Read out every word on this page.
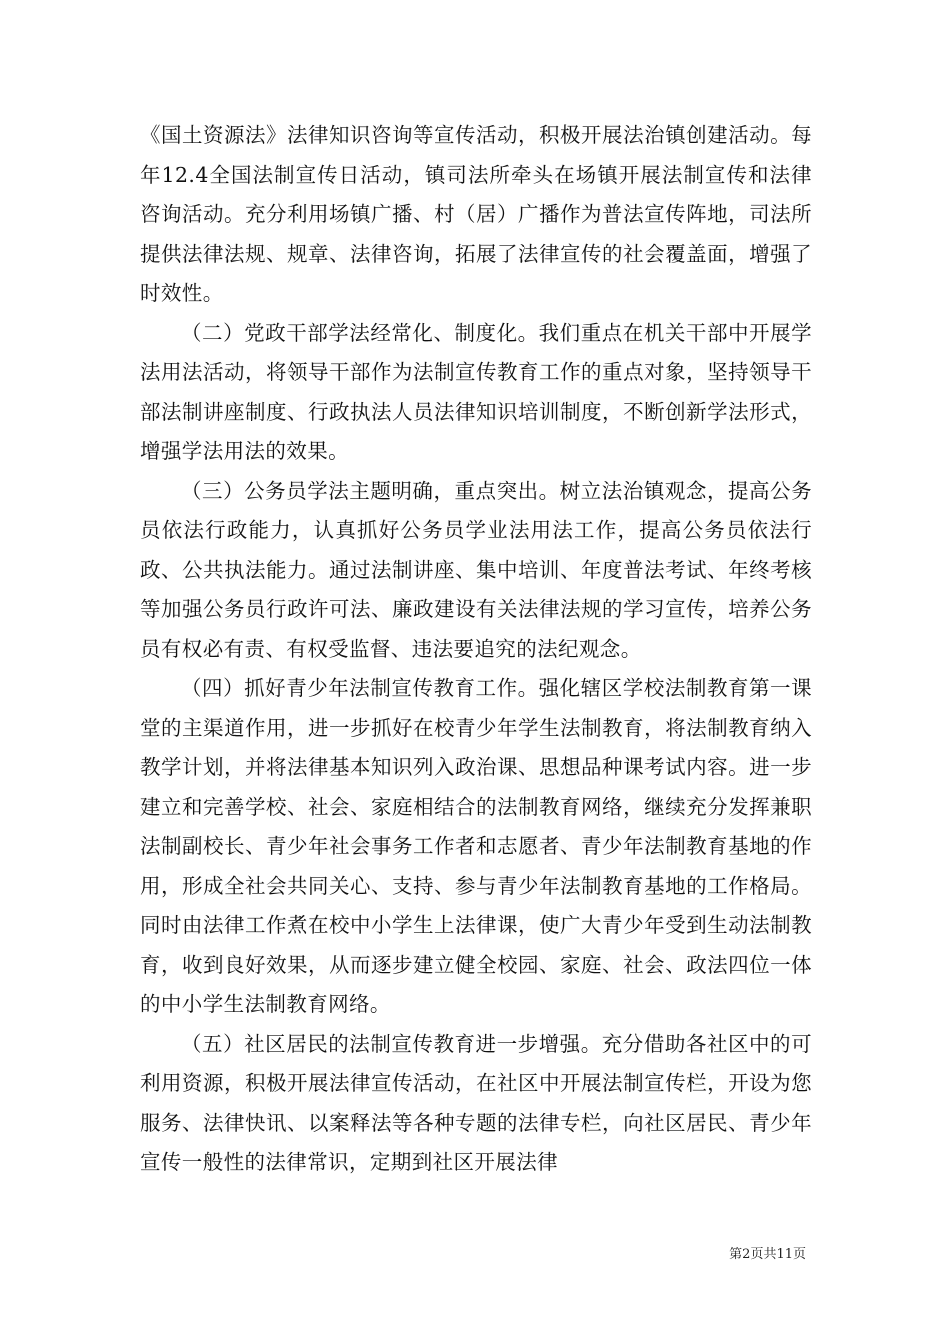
《国土资源法》法律知识咨询等宣传活动，积极开展法治镇创建活动。每年12.4全国法制宣传日活动，镇司法所牵头在场镇开展法制宣传和法律咨询活动。充分利用场镇广播、村（居）广播作为普法宣传阵地，司法所提供法律法规、规章、法律咨询，拓展了法律宣传的社会覆盖面，增强了时效性。

（二）党政干部学法经常化、制度化。我们重点在机关干部中开展学法用法活动，将领导干部作为法制宣传教育工作的重点对象，坚持领导干部法制讲座制度、行政执法人员法律知识培训制度，不断创新学法形式，增强学法用法的效果。

（三）公务员学法主题明确，重点突出。树立法治镇观念，提高公务员依法行政能力，认真抓好公务员学业法用法工作，提高公务员依法行政、公共执法能力。通过法制讲座、集中培训、年度普法考试、年终考核等加强公务员行政许可法、廉政建设有关法律法规的学习宣传，培养公务员有权必有责、有权受监督、违法要追究的法纪观念。

（四）抓好青少年法制宣传教育工作。强化辖区学校法制教育第一课堂的主渠道作用，进一步抓好在校青少年学生法制教育，将法制教育纳入教学计划，并将法律基本知识列入政治课、思想品种课考试内容。进一步建立和完善学校、社会、家庭相结合的法制教育网络，继续充分发挥兼职法制副校长、青少年社会事务工作者和志愿者、青少年法制教育基地的作用，形成全社会共同关心、支持、参与青少年法制教育基地的工作格局。同时由法律工作煮在校中小学生上法律课，使广大青少年受到生动法制教育，收到良好效果，从而逐步建立健全校园、家庭、社会、政法四位一体的中小学生法制教育网络。

（五）社区居民的法制宣传教育进一步增强。充分借助各社区中的可利用资源，积极开展法律宣传活动，在社区中开展法制宣传栏，开设为您服务、法律快讯、以案释法等各种专题的法律专栏，向社区居民、青少年宣传一般性的法律常识，定期到社区开展法律

第2页共11页
